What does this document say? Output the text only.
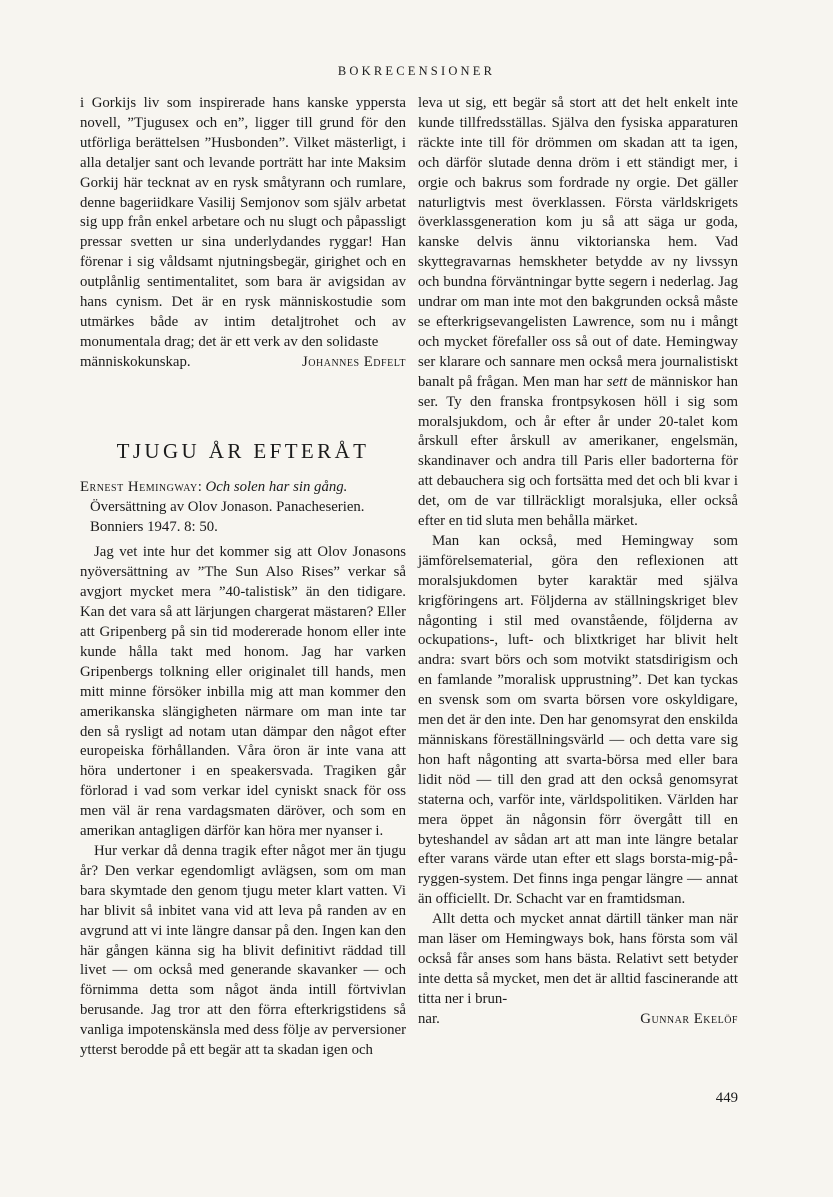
BOKRECENSIONER

i Gorkijs liv som inspirerade hans kanske yppersta novell, ”Tjugusex och en”, ligger till grund för den utförliga berättelsen ”Husbonden”. Vilket mästerligt, i alla detaljer sant och levande porträtt har inte Maksim Gorkij här tecknat av en rysk småtyrann och rumlare, denne bageriidkare Vasilij Semjonov som själv arbetat sig upp från enkel arbetare och nu slugt och påpassligt pressar svetten ur sina underlydandes ryggar! Han förenar i sig våldsamt njutningsbegär, girighet och en outplånlig sentimentalitet, som bara är avigsidan av hans cynism. Det är en rysk människostudie som utmärkes både av intim detaljtrohet och av monumentala drag; det är ett verk av den solidaste

människokunskap.	Johannes Edfelt
TJUGU ÅR EFTERÅT
Ernest Hemingway: Och solen har sin gång.
Översättning av Olov Jonason. Panacheserien. Bonniers 1947. 8: 50.

Jag vet inte hur det kommer sig att Olov Jonasons nyöversättning av ”The Sun Also Rises” verkar så avgjort mycket mera ”40-talistisk” än den tidigare. Kan det vara så att lärjungen chargerat mästaren? Eller att Gripenberg på sin tid modererade honom eller inte kunde hålla takt med honom. Jag har varken Gripenbergs tolkning eller originalet till hands, men mitt minne försöker inbilla mig att man kommer den amerikanska slängigheten närmare om man inte tar den så rysligt ad notam utan dämpar den något efter europeiska förhållanden. Våra öron är inte vana att höra undertoner i en speakersvada. Tragiken går förlorad i vad som verkar idel cyniskt snack för oss men väl är rena vardagsmaten däröver, och som en amerikan antagligen därför kan höra mer nyanser i.

Hur verkar då denna tragik efter något mer än tjugu år? Den verkar egendomligt avlägsen, som om man bara skymtade den genom tjugu meter klart vatten. Vi har blivit så inbitet vana vid att leva på randen av en avgrund att vi inte längre dansar på den. Ingen kan den här gången känna sig ha blivit definitivt räddad till livet — om också med generande skavanker — och förnimma detta som något ända intill förtvivlan berusande. Jag tror att den förra efterkrigstidens så vanliga impotenskänsla med dess följe av perversioner ytterst berodde på ett begär att ta skadan igen och

leva ut sig, ett begär så stort att det helt enkelt inte kunde tillfredsställas. Själva den fysiska apparaturen räckte inte till för drömmen om skadan att ta igen, och därför slutade denna dröm i ett ständigt mer, i orgie och bakrus som fordrade ny orgie. Det gäller naturligtvis mest överklassen. Första världskrigets överklassgeneration kom ju så att säga ur goda, kanske delvis ännu viktorianska hem. Vad skyttegravarnas hemskheter betydde av ny livssyn och bundna förväntningar bytte segern i nederlag. Jag undrar om man inte mot den bakgrunden också måste se efterkrigsevangelisten Lawrence, som nu i mångt och mycket förefaller oss så out of date. Hemingway ser klarare och sannare men också mera journalistiskt banalt på frågan. Men man har sett de människor han ser. Ty den franska frontpsykosen höll i sig som moralsjukdom, och år efter år under 20-talet kom årskull efter årskull av amerikaner, engelsmän, skandinaver och andra till Paris eller badorterna för att debauchera sig och fortsätta med det och bli kvar i det, om de var tillräckligt moralsjuka, eller också efter en tid sluta men behålla märket.

Man kan också, med Hemingway som jämförelsematerial, göra den reflexionen att moralsjukdomen byter karaktär med själva krigföringens art. Följderna av ställningskriget blev någonting i stil med ovanstående, följderna av ockupations-, luft- och blixtkriget har blivit helt andra: svart börs och som motvikt statsdirigism och en famlande ”moralisk upprustning”. Det kan tyckas en svensk som om svarta börsen vore oskyldigare, men det är den inte. Den har genomsyrat den enskilda människans föreställningsvärld — och detta vare sig hon haft någonting att svarta-börsa med eller bara lidit nöd — till den grad att den också genomsyrat staterna och, varför inte, världspolitiken. Världen har mera öppet än någonsin förr övergått till en byteshandel av sådan art att man inte längre betalar efter varans värde utan efter ett slags borsta-mig-på-ryggen-system. Det finns inga pengar längre — annat än officiellt. Dr. Schacht var en framtidsman.

Allt detta och mycket annat därtill tänker man när man läser om Hemingways bok, hans första som väl också får anses som hans bästa. Relativt sett betyder inte detta så mycket, men det är alltid fascinerande att titta ner i brun-

nar.	Gunnar Ekelöf
449
